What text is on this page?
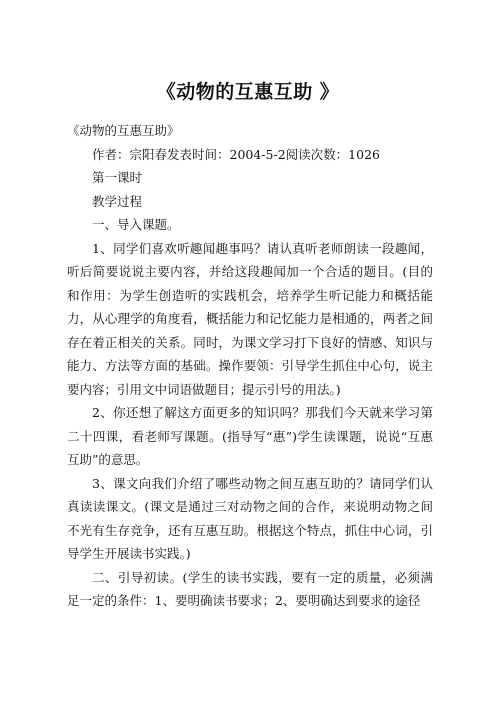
《动物的互惠互助 》

《动物的互惠互助》

作者：宗阳春发表时间：2004-5-2阅读次数：1026

第一课时

教学过程

一、导入课题。

1、同学们喜欢听趣闻趣事吗？请认真听老师朗读一段趣闻，听后简要说说主要内容，并给这段趣闻加一个合适的题目。(目的和作用：为学生创造听的实践机会，培养学生听记能力和概括能力，从心理学的角度看，概括能力和记忆能力是相通的，两者之间存在着正相关的关系。同时，为课文学习打下良好的情感、知识与能力、方法等方面的基础。操作要领：引导学生抓住中心句，说主要内容；引用文中词语做题目；提示引号的用法。)

2、你还想了解这方面更多的知识吗？那我们今天就来学习第二十四课，看老师写课题。(指导写“惠”)学生读课题，说说“互惠互助”的意思。

3、课文向我们介绍了哪些动物之间互惠互助的？请同学们认真读读课文。(课文是通过三对动物之间的合作，来说明动物之间不光有生存竞争，还有互惠互助。根据这个特点，抓住中心词，引导学生开展读书实践。)

二、引导初读。(学生的读书实践，要有一定的质量，必须满足一定的条件：1、要明确读书要求；2、要明确达到要求的途径
